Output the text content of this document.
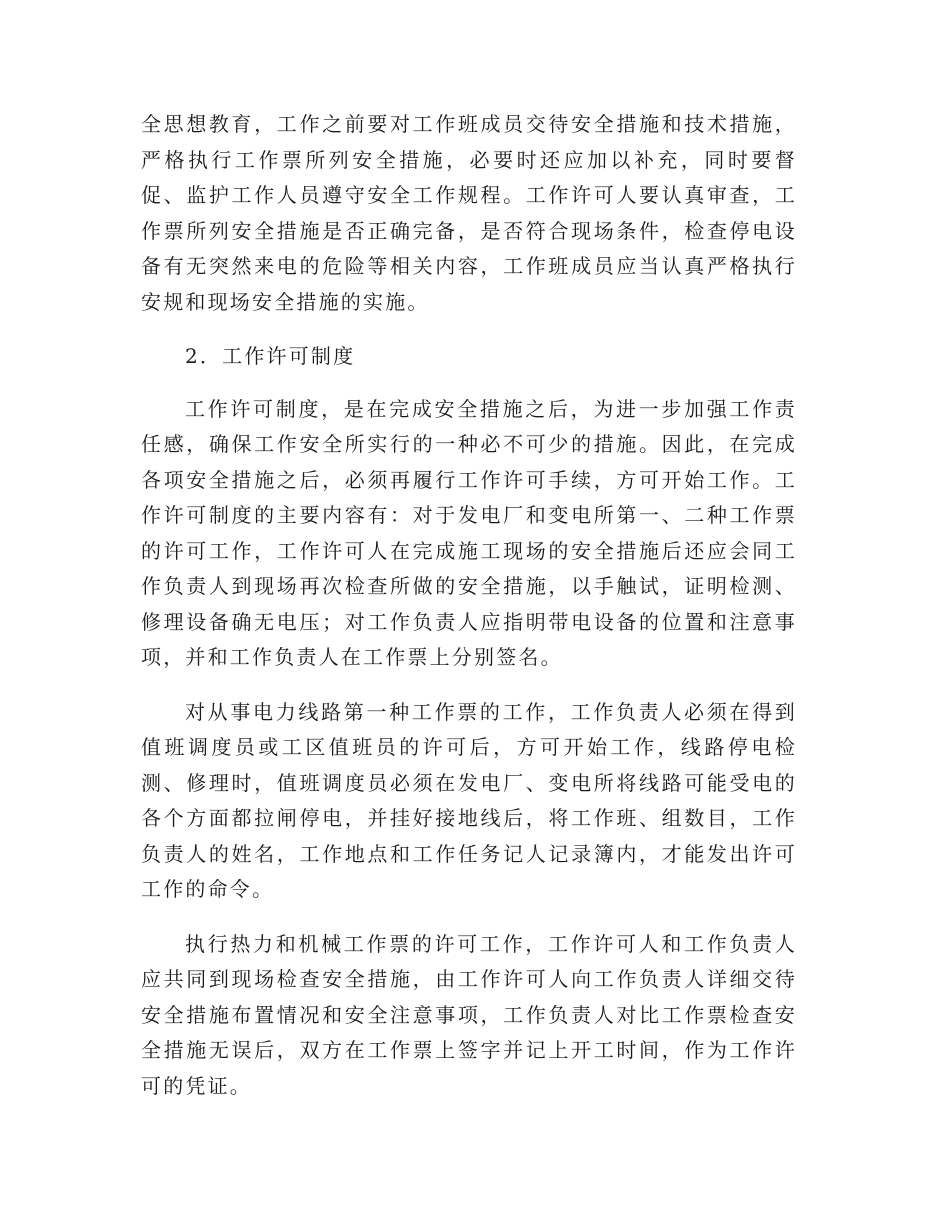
全思想教育，工作之前要对工作班成员交待安全措施和技术措施，严格执行工作票所列安全措施，必要时还应加以补充，同时要督促、监护工作人员遵守安全工作规程。工作许可人要认真审查，工作票所列安全措施是否正确完备，是否符合现场条件，检查停电设备有无突然来电的危险等相关内容，工作班成员应当认真严格执行安规和现场安全措施的实施。

2．工作许可制度

工作许可制度，是在完成安全措施之后，为进一步加强工作责任感，确保工作安全所实行的一种必不可少的措施。因此，在完成各项安全措施之后，必须再履行工作许可手续，方可开始工作。工作许可制度的主要内容有：对于发电厂和变电所第一、二种工作票的许可工作，工作许可人在完成施工现场的安全措施后还应会同工作负责人到现场再次检查所做的安全措施，以手触试，证明检测、修理设备确无电压；对工作负责人应指明带电设备的位置和注意事项，并和工作负责人在工作票上分别签名。

对从事电力线路第一种工作票的工作，工作负责人必须在得到值班调度员或工区值班员的许可后，方可开始工作，线路停电检测、修理时，值班调度员必须在发电厂、变电所将线路可能受电的各个方面都拉闸停电，并挂好接地线后，将工作班、组数目，工作负责人的姓名，工作地点和工作任务记人记录簿内，才能发出许可工作的命令。

执行热力和机械工作票的许可工作，工作许可人和工作负责人应共同到现场检查安全措施，由工作许可人向工作负责人详细交待安全措施布置情况和安全注意事项，工作负责人对比工作票检查安全措施无误后，双方在工作票上签字并记上开工时间，作为工作许可的凭证。
